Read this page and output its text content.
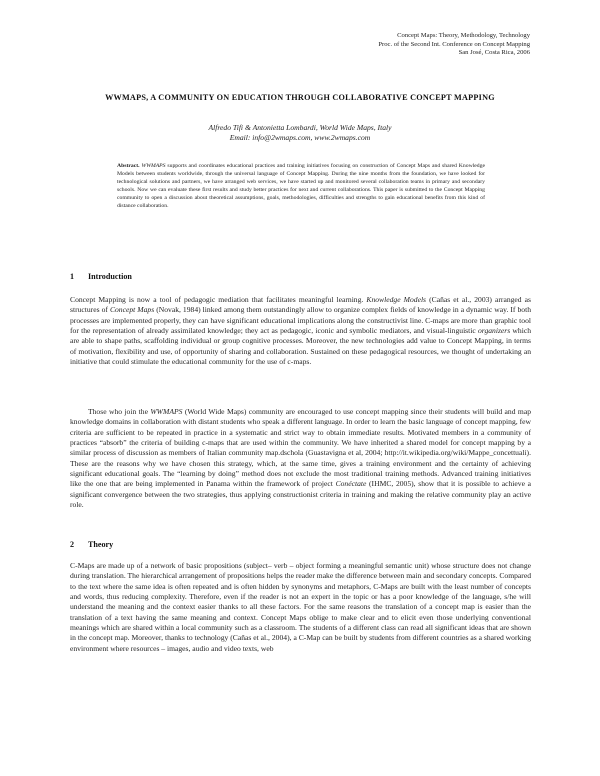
Concept Maps: Theory, Methodology, Technology
Proc. of the Second Int. Conference on Concept Mapping
San José, Costa Rica, 2006
WWMAPS, A COMMUNITY ON EDUCATION THROUGH COLLABORATIVE CONCEPT MAPPING
Alfredo Tifi & Antonietta Lombardi, World Wide Maps, Italy
Email: info@2wmaps.com, www.2wmaps.com
Abstract. WWMAPS supports and coordinates educational practices and training initiatives focusing on construction of Concept Maps and shared Knowledge Models between students worldwide, through the universal language of Concept Mapping. During the nine months from the foundation, we have looked for technological solutions and partners, we have arranged web services, we have started up and monitored several collaboration teams in primary and secondary schools. Now we can evaluate these first results and study better practices for next and current collaborations. This paper is submitted to the Concept Mapping community to open a discussion about theoretical assumptions, goals, methodologies, difficulties and strengths to gain educational benefits from this kind of distance collaboration.
1 Introduction
Concept Mapping is now a tool of pedagogic mediation that facilitates meaningful learning. Knowledge Models (Cañas et al., 2003) arranged as structures of Concept Maps (Novak, 1984) linked among them outstandingly allow to organize complex fields of knowledge in a dynamic way. If both processes are implemented properly, they can have significant educational implications along the constructivist line. C-maps are more than graphic tool for the representation of already assimilated knowledge; they act as pedagogic, iconic and symbolic mediators, and visual-linguistic organizers which are able to shape paths, scaffolding individual or group cognitive processes. Moreover, the new technologies add value to Concept Mapping, in terms of motivation, flexibility and use, of opportunity of sharing and collaboration. Sustained on these pedagogical resources, we thought of undertaking an initiative that could stimulate the educational community for the use of c-maps.
Those who join the WWMAPS (World Wide Maps) community are encouraged to use concept mapping since their students will build and map knowledge domains in collaboration with distant students who speak a different language. In order to learn the basic language of concept mapping, few criteria are sufficient to be repeated in practice in a systematic and strict way to obtain immediate results. Motivated members in a community of practices “absorb” the criteria of building c-maps that are used within the community. We have inherited a shared model for concept mapping by a similar process of discussion as members of Italian community map.dschola (Guastavigna et al, 2004; http://it.wikipedia.org/wiki/Mappe_concettuali). These are the reasons why we have chosen this strategy, which, at the same time, gives a training environment and the certainty of achieving significant educational goals. The “learning by doing” method does not exclude the most traditional training methods. Advanced training initiatives like the one that are being implemented in Panama within the framework of project Conéctate (IHMC, 2005), show that it is possible to achieve a significant convergence between the two strategies, thus applying constructionist criteria in training and making the relative community play an active role.
2 Theory
C-Maps are made up of a network of basic propositions (subject– verb – object forming a meaningful semantic unit) whose structure does not change during translation. The hierarchical arrangement of propositions helps the reader make the difference between main and secondary concepts. Compared to the text where the same idea is often repeated and is often hidden by synonyms and metaphors, C-Maps are built with the least number of concepts and words, thus reducing complexity. Therefore, even if the reader is not an expert in the topic or has a poor knowledge of the language, s/he will understand the meaning and the context easier thanks to all these factors. For the same reasons the translation of a concept map is easier than the translation of a text having the same meaning and context. Concept Maps oblige to make clear and to elicit even those underlying conventional meanings which are shared within a local community such as a classroom. The students of a different class can read all significant ideas that are shown in the concept map. Moreover, thanks to technology (Cañas et al., 2004), a C-Map can be built by students from different countries as a shared working environment where resources – images, audio and video texts, web
